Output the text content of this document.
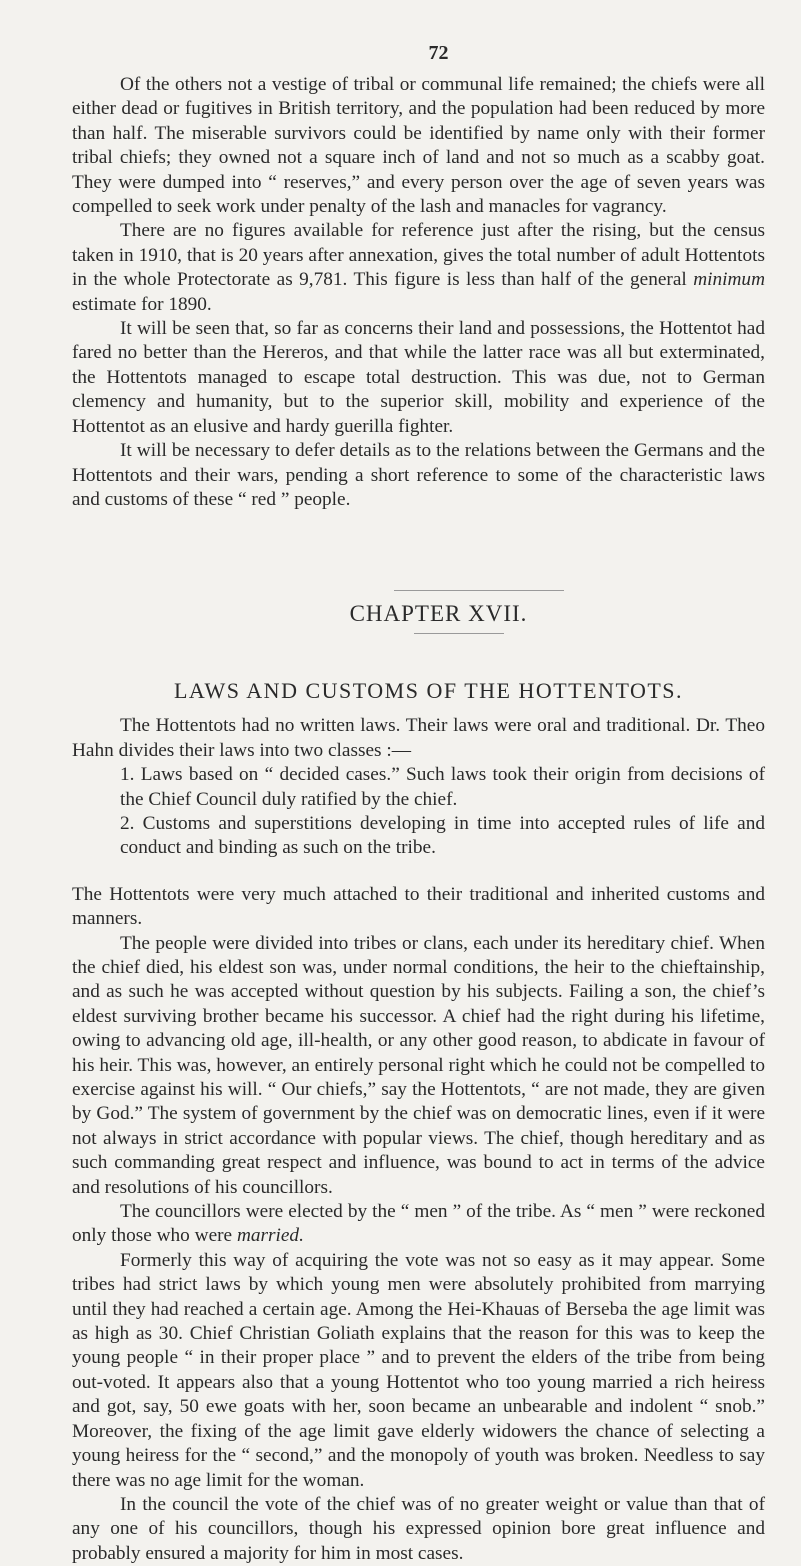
72

Of the others not a vestige of tribal or communal life remained; the chiefs were all either dead or fugitives in British territory, and the population had been reduced by more than half. The miserable survivors could be identified by name only with their former tribal chiefs; they owned not a square inch of land and not so much as a scabby goat. They were dumped into “ reserves,” and every person over the age of seven years was compelled to seek work under penalty of the lash and manacles for vagrancy.

There are no figures available for reference just after the rising, but the census taken in 1910, that is 20 years after annexation, gives the total number of adult Hottentots in the whole Protectorate as 9,781. This figure is less than half of the general minimum estimate for 1890.

It will be seen that, so far as concerns their land and possessions, the Hottentot had fared no better than the Hereros, and that while the latter race was all but exterminated, the Hottentots managed to escape total destruction. This was due, not to German clemency and humanity, but to the superior skill, mobility and experience of the Hottentot as an elusive and hardy guerilla fighter.

It will be necessary to defer details as to the relations between the Germans and the Hottentots and their wars, pending a short reference to some of the characteristic laws and customs of these “ red ” people.

CHAPTER XVII.
LAWS AND CUSTOMS OF THE HOTTENTOTS.

The Hottentots had no written laws. Their laws were oral and traditional. Dr. Theo Hahn divides their laws into two classes :—

1. Laws based on “ decided cases.” Such laws took their origin from decisions of the Chief Council duly ratified by the chief.
2. Customs and superstitions developing in time into accepted rules of life and conduct and binding as such on the tribe.

The Hottentots were very much attached to their traditional and inherited customs and manners.

The people were divided into tribes or clans, each under its hereditary chief. When the chief died, his eldest son was, under normal conditions, the heir to the chieftainship, and as such he was accepted without question by his subjects. Failing a son, the chief’s eldest surviving brother became his successor. A chief had the right during his lifetime, owing to advancing old age, ill-health, or any other good reason, to abdicate in favour of his heir. This was, however, an entirely personal right which he could not be compelled to exercise against his will. “ Our chiefs,” say the Hottentots, “ are not made, they are given by God.” The system of government by the chief was on democratic lines, even if it were not always in strict accordance with popular views. The chief, though hereditary and as such commanding great respect and influence, was bound to act in terms of the advice and resolutions of his councillors.

The councillors were elected by the “ men ” of the tribe. As “ men ” were reckoned only those who were married.

Formerly this way of acquiring the vote was not so easy as it may appear. Some tribes had strict laws by which young men were absolutely prohibited from marrying until they had reached a certain age. Among the Hei-Khauas of Berseba the age limit was as high as 30. Chief Christian Goliath explains that the reason for this was to keep the young people “ in their proper place ” and to prevent the elders of the tribe from being out-voted. It appears also that a young Hottentot who too young married a rich heiress and got, say, 50 ewe goats with her, soon became an unbearable and indolent “ snob.” Moreover, the fixing of the age limit gave elderly widowers the chance of selecting a young heiress for the “ second,” and the monopoly of youth was broken. Needless to say there was no age limit for the woman.

In the council the vote of the chief was of no greater weight or value than that of any one of his councillors, though his expressed opinion bore great influence and probably ensured a majority for him in most cases.
